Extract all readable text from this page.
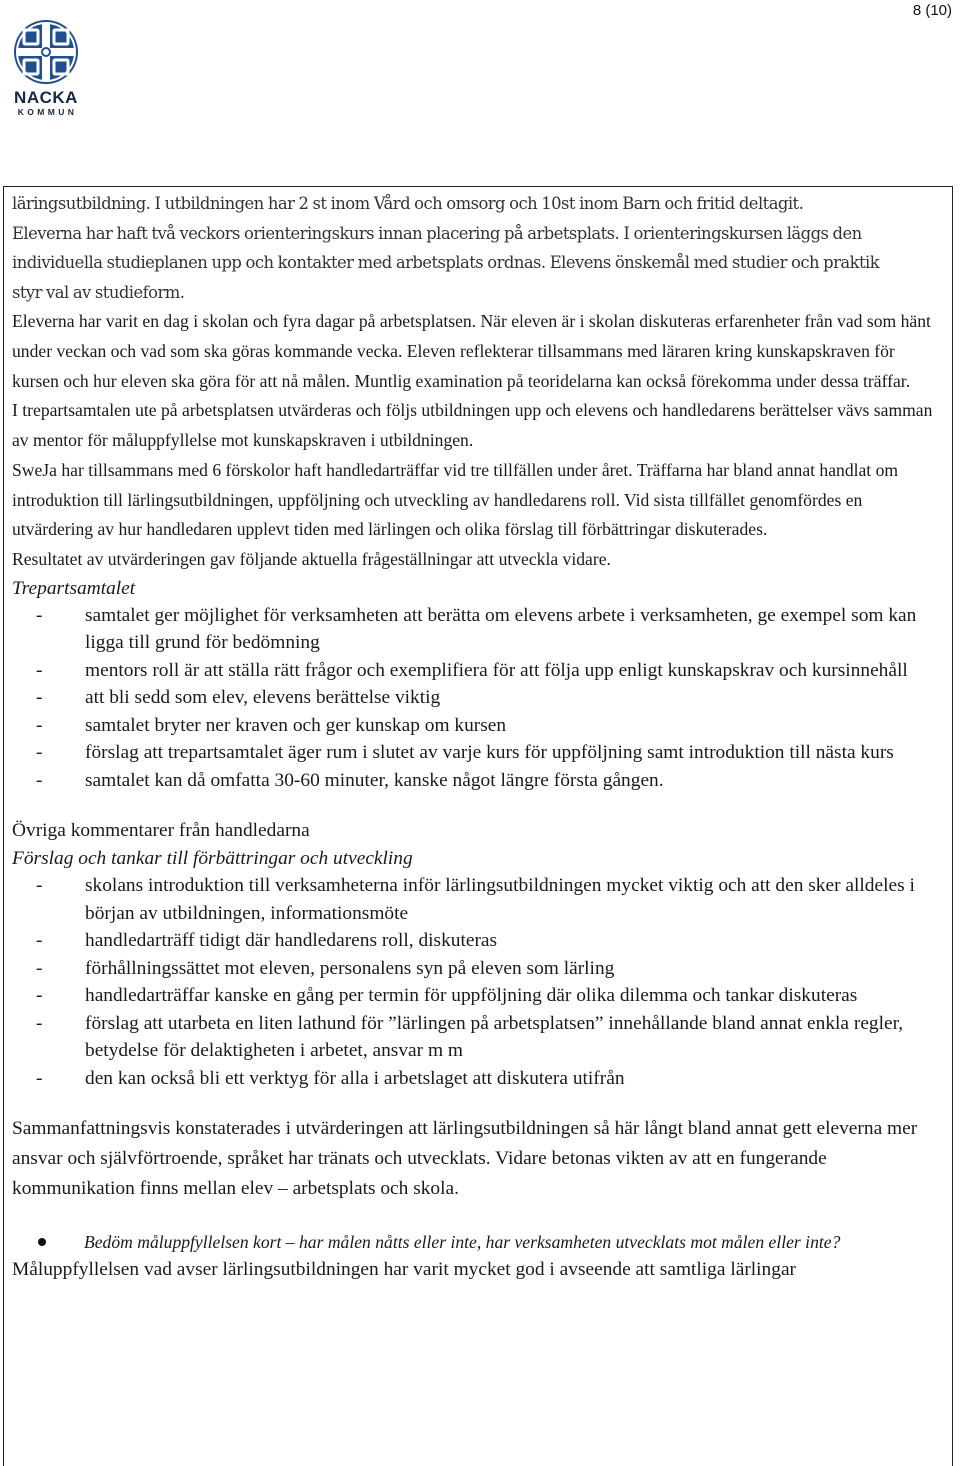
8 (10)
NACKA
KOMMUN

läringsutbildning. I utbildningen har 2 st inom Vård och omsorg och 10st inom Barn och fritid deltagit.

Eleverna har haft två veckors orienteringskurs innan placering på arbetsplats. I orienteringskursen läggs den

individuella studieplanen upp och kontakter med arbetsplats ordnas. Elevens önskemål med studier och praktik

styr val av studieform.

Eleverna har varit en dag i skolan och fyra dagar på arbetsplatsen. När eleven är i skolan diskuteras erfarenheter från vad som hänt under veckan och vad som ska göras kommande vecka. Eleven reflekterar tillsammans med läraren kring kunskapskraven för kursen och hur eleven ska göra för att nå målen. Muntlig examination på teoridelarna kan också förekomma under dessa träffar.

I trepartsamtalen ute på arbetsplatsen utvärderas och följs utbildningen upp och elevens och handledarens berättelser vävs samman av mentor för måluppfyllelse mot kunskapskraven i utbildningen.

SweJa har tillsammans med 6 förskolor haft handledarträffar vid tre tillfällen under året. Träffarna har bland annat handlat om introduktion till lärlingsutbildningen, uppföljning och utveckling av handledarens roll. Vid sista tillfället genomfördes en utvärdering av hur handledaren upplevt tiden med lärlingen och olika förslag till förbättringar diskuterades.

Resultatet av utvärderingen gav följande aktuella frågeställningar att utveckla vidare.

Trepartsamtalet

- samtalet ger möjlighet för verksamheten att berätta om elevens arbete i verksamheten, ge exempel som kan ligga till grund för bedömning
- mentors roll är att ställa rätt frågor och exemplifiera för att följa upp enligt kunskapskrav och kursinnehåll
- att bli sedd som elev, elevens berättelse viktig
- samtalet bryter ner kraven och ger kunskap om kursen
- förslag att trepartsamtalet äger rum i slutet av varje kurs för uppföljning samt introduktion till nästa kurs
- samtalet kan då omfatta 30-60 minuter, kanske något längre första gången.

Övriga kommentarer från handledarna

Förslag och tankar till förbättringar och utveckling

- skolans introduktion till verksamheterna inför lärlingsutbildningen mycket viktig och att den sker alldeles i början av utbildningen, informationsmöte
- handledarträff tidigt där handledarens roll, diskuteras
- förhållningssättet mot eleven, personalens syn på eleven som lärling
- handledarträffar kanske en gång per termin för uppföljning där olika dilemma och tankar diskuteras
- förslag att utarbeta en liten lathund för ”lärlingen på arbetsplatsen” innehållande bland annat enkla regler, betydelse för delaktigheten i arbetet, ansvar m m
- den kan också bli ett verktyg för alla i arbetslaget att diskutera utifrån

Sammanfattningsvis konstaterades i utvärderingen att lärlingsutbildningen så här långt bland annat gett eleverna mer ansvar och självförtroende, språket har tränats och utvecklats. Vidare betonas vikten av att en fungerande kommunikation finns mellan elev – arbetsplats och skola.

Bedöm måluppfyllelsen kort – har målen nåtts eller inte, har verksamheten utvecklats mot målen eller inte?

Måluppfyllelsen vad avser lärlingsutbildningen har varit mycket god i avseende att samtliga lärlingar
